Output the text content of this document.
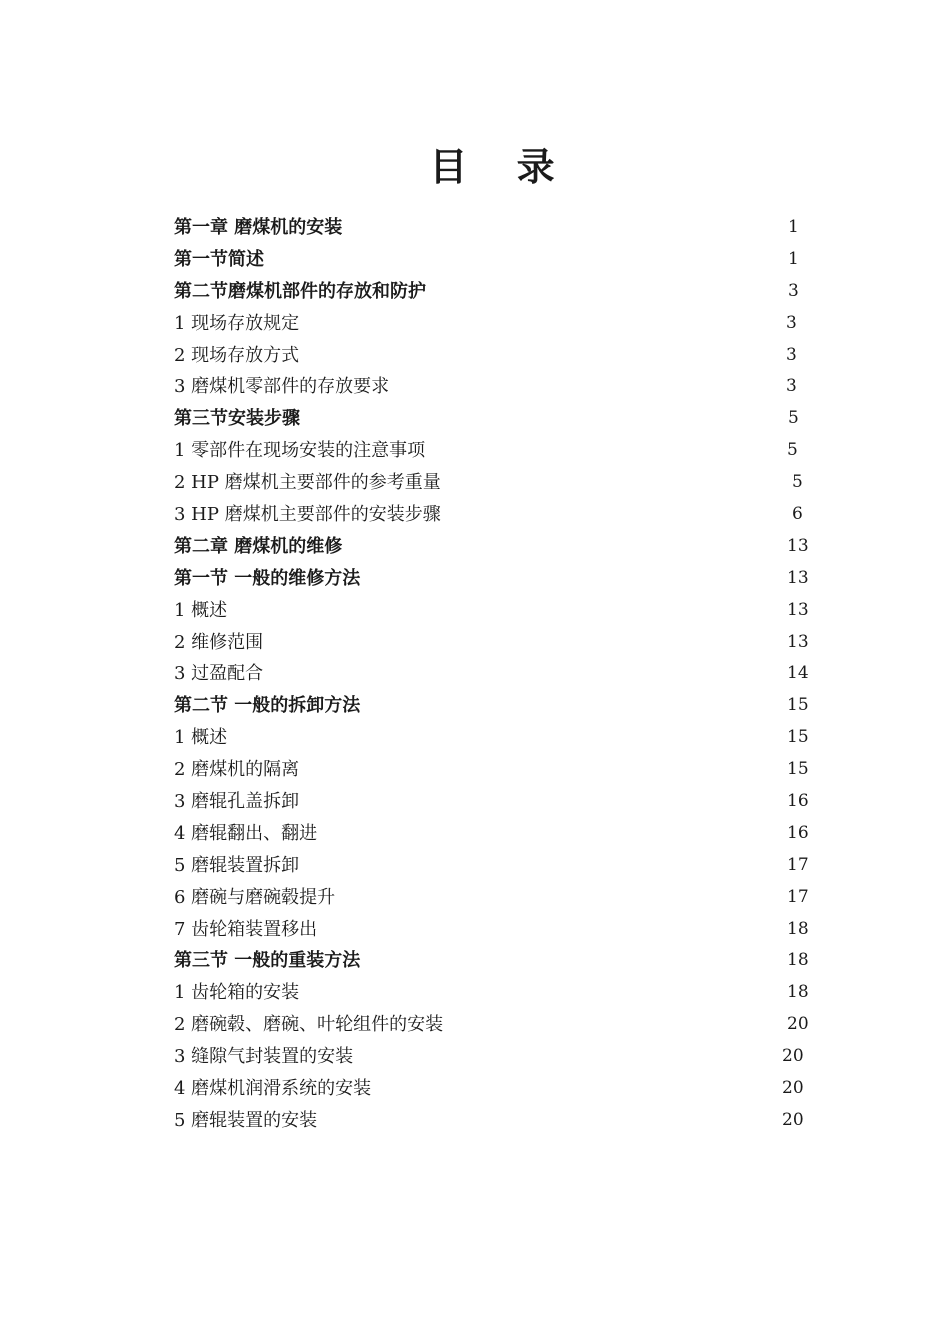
目 录
第一章 磨煤机的安装	1
第一节简述	1
第二节磨煤机部件的存放和防护	3
1 现场存放规定	3
2 现场存放方式	3
3 磨煤机零部件的存放要求	3
第三节安装步骤	5
1 零部件在现场安装的注意事项	5
2 HP 磨煤机主要部件的参考重量	5
3 HP 磨煤机主要部件的安装步骤	6
第二章 磨煤机的维修	13
第一节 一般的维修方法	13
1 概述	13
2 维修范围	13
3 过盈配合	14
第二节 一般的拆卸方法	15
1 概述	15
2 磨煤机的隔离	15
3 磨辊孔盖拆卸	16
4 磨辊翻出、翻进	16
5 磨辊装置拆卸	17
6 磨碗与磨碗毂提升	17
7 齿轮箱装置移出	18
第三节 一般的重装方法	18
1 齿轮箱的安装	18
2 磨碗毂、磨碗、叶轮组件的安装	20
3 缝隙气封装置的安装	20
4 磨煤机润滑系统的安装	20
5 磨辊装置的安装	20
